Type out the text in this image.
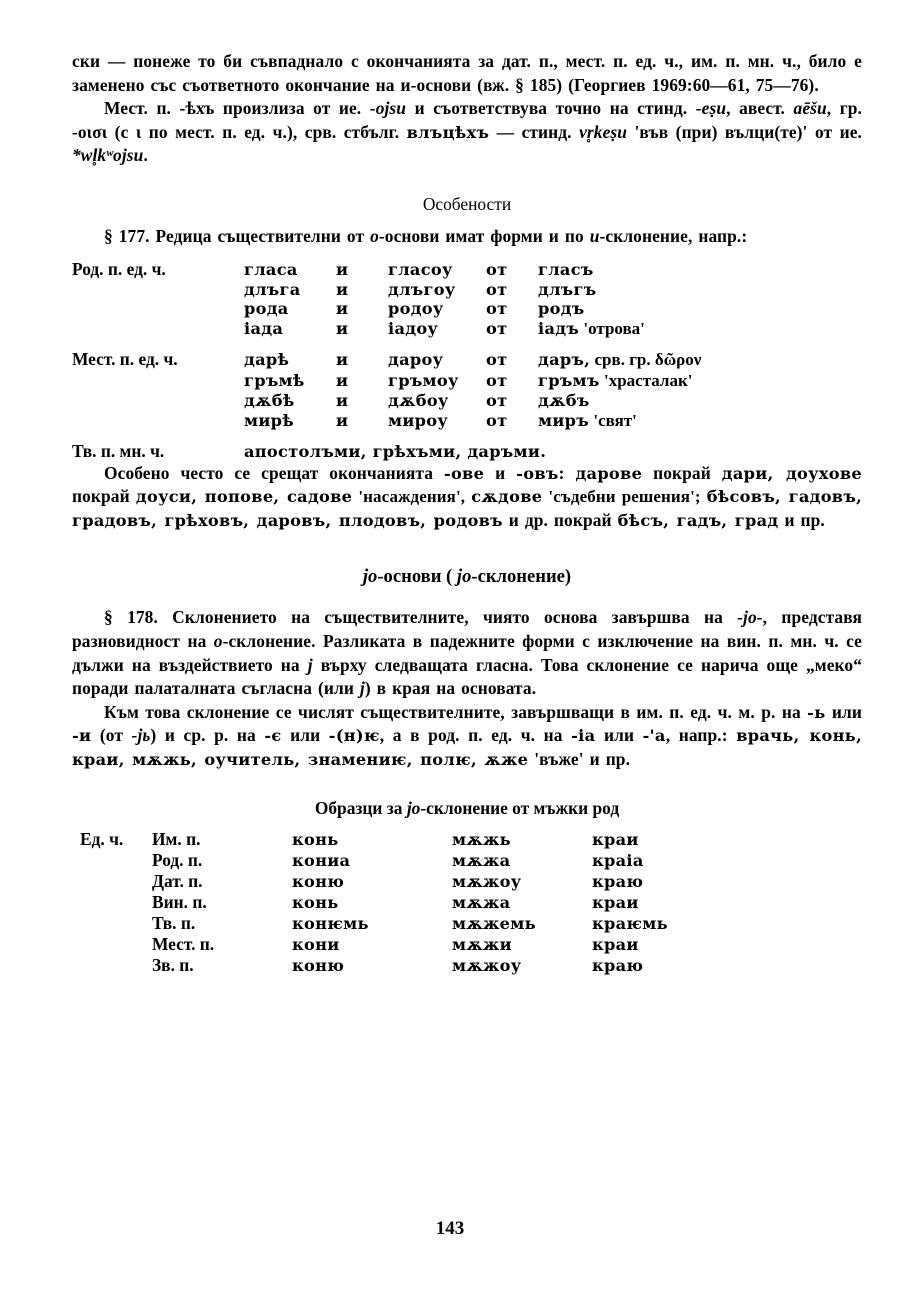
ски — понеже то би съвпаднало с окончанията за дат. п., мест. п. ед. ч., им. п. мн. ч., било е заменено със съответното окончание на и-основи (вж. § 185) (Георгиев 1969:60—61, 75—76).

Мест. п. -ѣхъ произлиза от ие. -ojsu и съответствува точно на стинд. -eṣu, авест. aēšu, гр. -οισι (с ι по мест. п. ед. ч.), срв. стбълг. влъцѣхъ — стинд. vr̥keṣu 'във (при) вълци(те)' от ие. *wl̥kʷojsu.

Особености

§ 177. Редица съществителни от о-основи имат форми и по и-склонение, напр.:

Род. п. ед. ч.	гласа	и	гласоу	от	гласъ
	длъга	и	длъгоу	от	длъгъ
	рода	и	родоу	от	родъ
	iада	и	iадоу	от	iадъ 'отрова'
Мест. п. ед. ч.	дарѣ	и	дароу	от	даръ, срв. гр. δῶρον
	гръмѣ	и	гръмоу	от	гръмъ 'храсталак'
	дѫбѣ	и	дѫбоу	от	дѫбъ
	мирѣ	и	мироу	от	миръ 'свят'
Тв. п. мн. ч.	апостолъми, грѣхъми, даръми.

Особено често се срещат окончанията -ове и -овъ: дарове покрай дари, доухове покрай доуси, попове, садове 'насаждения', сѫдове 'съдебни решения'; бѣсовъ, гадовъ, градовъ, грѣховъ, даровъ, плодовъ, родовъ и др. покрай бѣсъ, гадъ, град и пр.

jo-основи ( jo-склонение)

§ 178. Склонението на съществителните, чиято основа завършва на -jo-, представя разновидност на о-склонение. Разликата в падежните форми с изключение на вин. п. мн. ч. се дължи на въздействието на j върху следващата гласна. Това склонение се нарича още „меко“ поради палаталната съгласна (или j) в края на основата.

Към това склонение се числят съществителните, завършващи в им. п. ед. ч. м. р. на -ь или -и (от -jь) и ср. р. на -є или -(н)ѥ, а в род. п. ед. ч. на -ia или -'а, напр.: врачь, конь, краи, мѫжь, оучитель, знамениѥ, полѥ, ѫже 'въже' и пр.

Образци за jo-склонение от мъжки род

Ед. ч.	Им. п.	конь	мѫжь	краи
	Род. п.	кониа	мѫжа	краia
	Дат. п.	коню	мѫжоу	краю
	Вин. п.	конь	мѫжа	краи
	Тв. п.	конѥмь	мѫжемь	краѥмь
	Мест. п.	кони	мѫжи	краи
	Зв. п.	коню	мѫжоу	краю
143
